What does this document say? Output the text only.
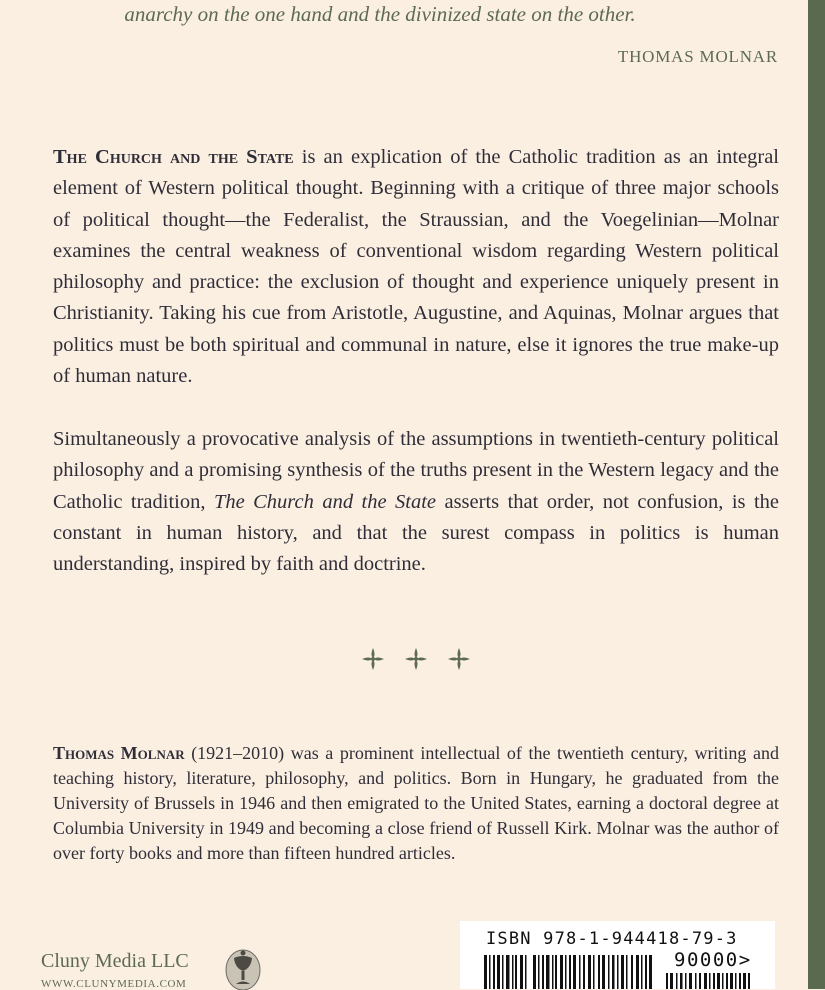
anarchy on the one hand and the divinized state on the other.
THOMAS MOLNAR
The Church and the State is an explication of the Catholic tradition as an integral element of Western political thought. Beginning with a critique of three major schools of political thought—the Federalist, the Straussian, and the Voegelinian—Molnar examines the central weakness of conventional wisdom regarding Western political philosophy and practice: the exclusion of thought and experience uniquely present in Christianity. Taking his cue from Aristotle, Augustine, and Aquinas, Molnar argues that politics must be both spiritual and communal in nature, else it ignores the true make-up of human nature.
Simultaneously a provocative analysis of the assumptions in twentieth-century political philosophy and a promising synthesis of the truths present in the Western legacy and the Catholic tradition, The Church and the State asserts that order, not confusion, is the constant in human history, and that the surest compass in politics is human understanding, inspired by faith and doctrine.
Thomas Molnar (1921–2010) was a prominent intellectual of the twentieth century, writing and teaching history, literature, philosophy, and politics. Born in Hungary, he graduated from the University of Brussels in 1946 and then emigrated to the United States, earning a doctoral degree at Columbia University in 1949 and becoming a close friend of Russell Kirk. Molnar was the author of over forty books and more than fifteen hundred articles.
Cluny Media LLC
WWW.CLUNYMEDIA.COM
ISBN 978-1-944418-79-3
90000>
